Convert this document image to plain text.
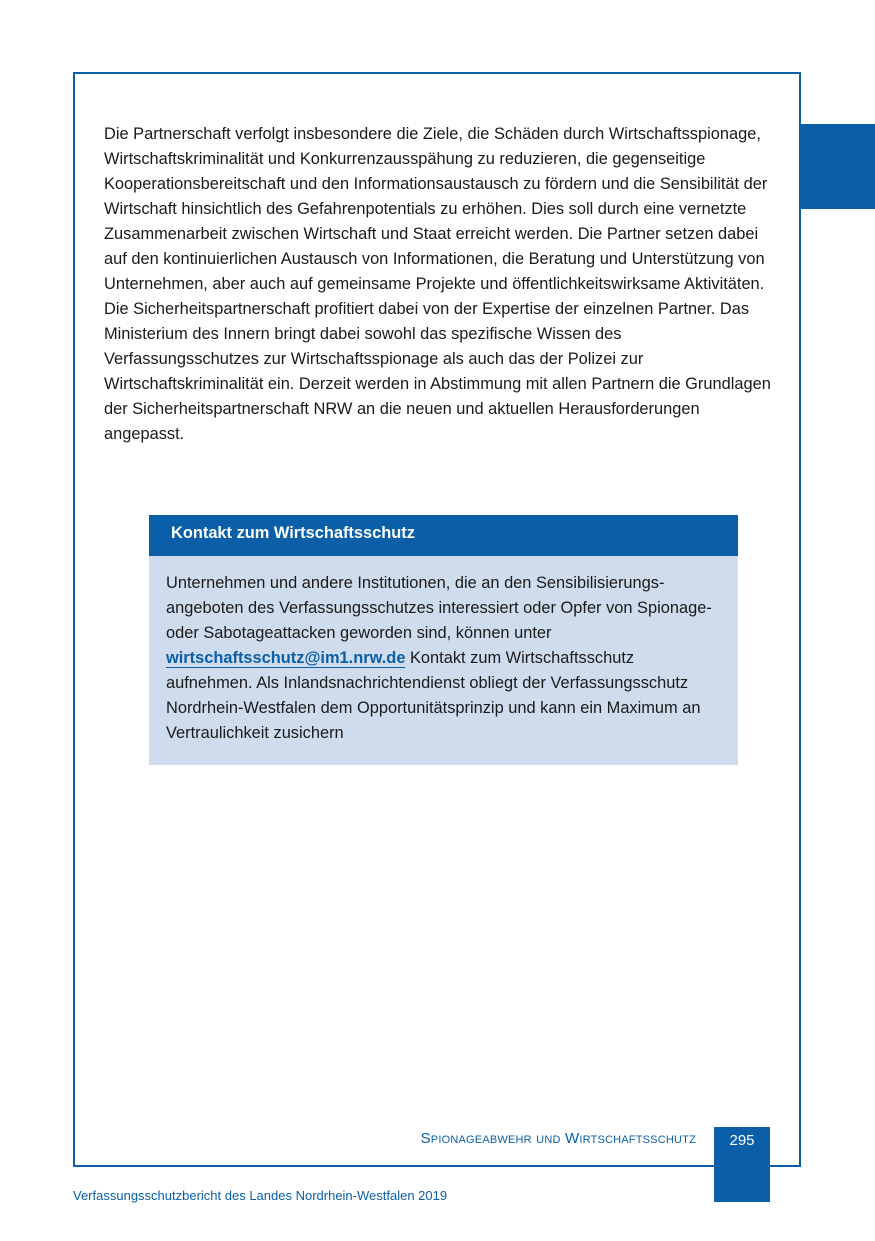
Die Partnerschaft verfolgt insbesondere die Ziele, die Schäden durch Wirtschaftsspionage, Wirtschaftskriminalität und Konkurrenzausspähung zu reduzieren, die gegenseitige Kooperationsbereitschaft und den Informationsaustausch zu fördern und die Sensibilität der Wirtschaft hinsichtlich des Gefahrenpotentials zu erhöhen. Dies soll durch eine vernetzte Zusammenarbeit zwischen Wirtschaft und Staat erreicht werden. Die Partner setzen dabei auf den kontinuierlichen Austausch von Informationen, die Beratung und Unterstützung von Unternehmen, aber auch auf gemeinsame Projekte und öffentlichkeitswirksame Aktivitäten. Die Sicherheitspartnerschaft profitiert dabei von der Expertise der einzelnen Partner. Das Ministerium des Innern bringt dabei sowohl das spezifische Wissen des Verfassungsschutzes zur Wirtschaftsspionage als auch das der Polizei zur Wirtschaftskriminalität ein. Derzeit werden in Abstimmung mit allen Partnern die Grundlagen der Sicherheitspartnerschaft NRW an die neuen und aktuellen Herausforderungen angepasst.

Kontakt zum Wirtschaftsschutz

Unternehmen und andere Institutionen, die an den Sensibilisierungsangeboten des Verfassungsschutzes interessiert oder Opfer von Spionage- oder Sabotageattacken geworden sind, können unter wirtschaftsschutz@im1.nrw.de Kontakt zum Wirtschaftsschutz aufnehmen. Als Inlandsnachrichtendienst obliegt der Verfassungsschutz Nordrhein-Westfalen dem Opportunitätsprinzip und kann ein Maximum an Vertraulichkeit zusichern

Spionageabwehr und Wirtschaftsschutz	295
Verfassungsschutzbericht des Landes Nordrhein-Westfalen 2019
